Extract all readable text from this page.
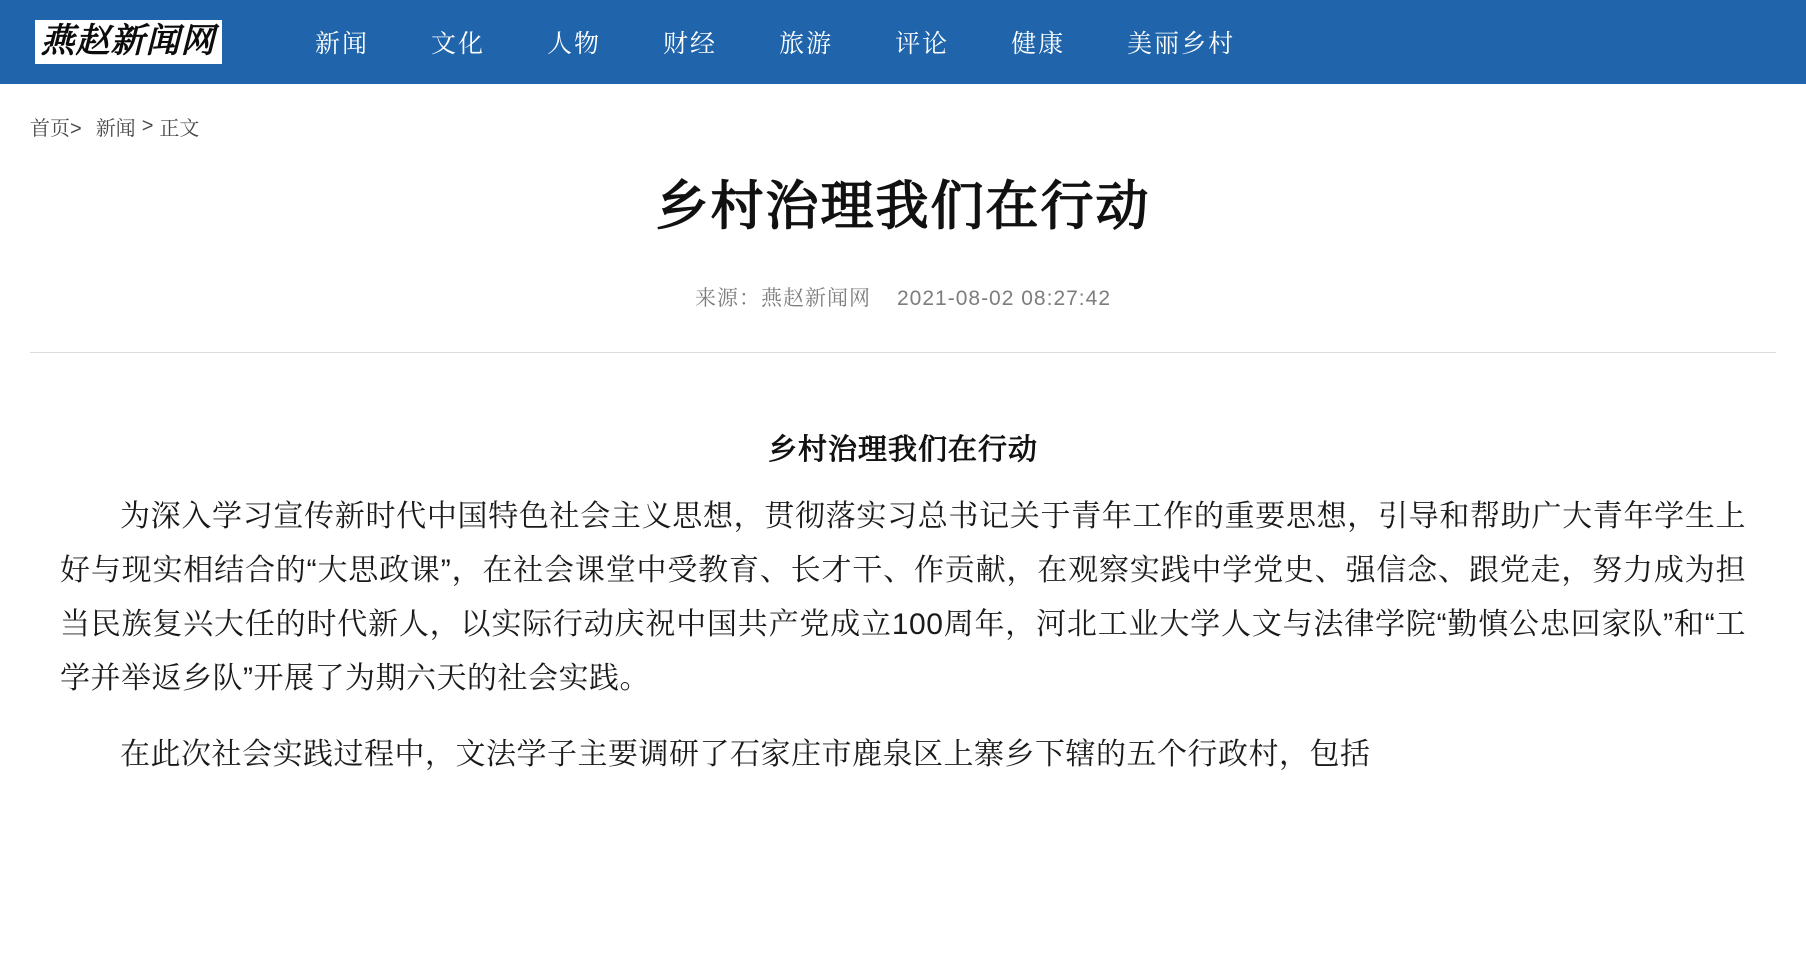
燕赵新闻网	新闻 文化 人物 财经 旅游 评论 健康 美丽乡村
首页> 新闻 > 正文
乡村治理我们在行动
来源：燕赵新闻网 2021-08-02 08:27:42
乡村治理我们在行动

为深入学习宣传新时代中国特色社会主义思想，贯彻落实习总书记关于青年工作的重要思想，引导和帮助广大青年学生上好与现实相结合的“大思政课”，在社会课堂中受教育、长才干、作贡献，在观察实践中学党史、强信念、跟党走，努力成为担当民族复兴大任的时代新人，以实际行动庆祝中国共产党成立100周年，河北工业大学人文与法律学院“勤慎公忠回家队”和“工学并举返乡队”开展了为期六天的社会实践。

在此次社会实践过程中，文法学子主要调研了石家庄市鹿泉区上寨乡下辖的五个行政村，包括
